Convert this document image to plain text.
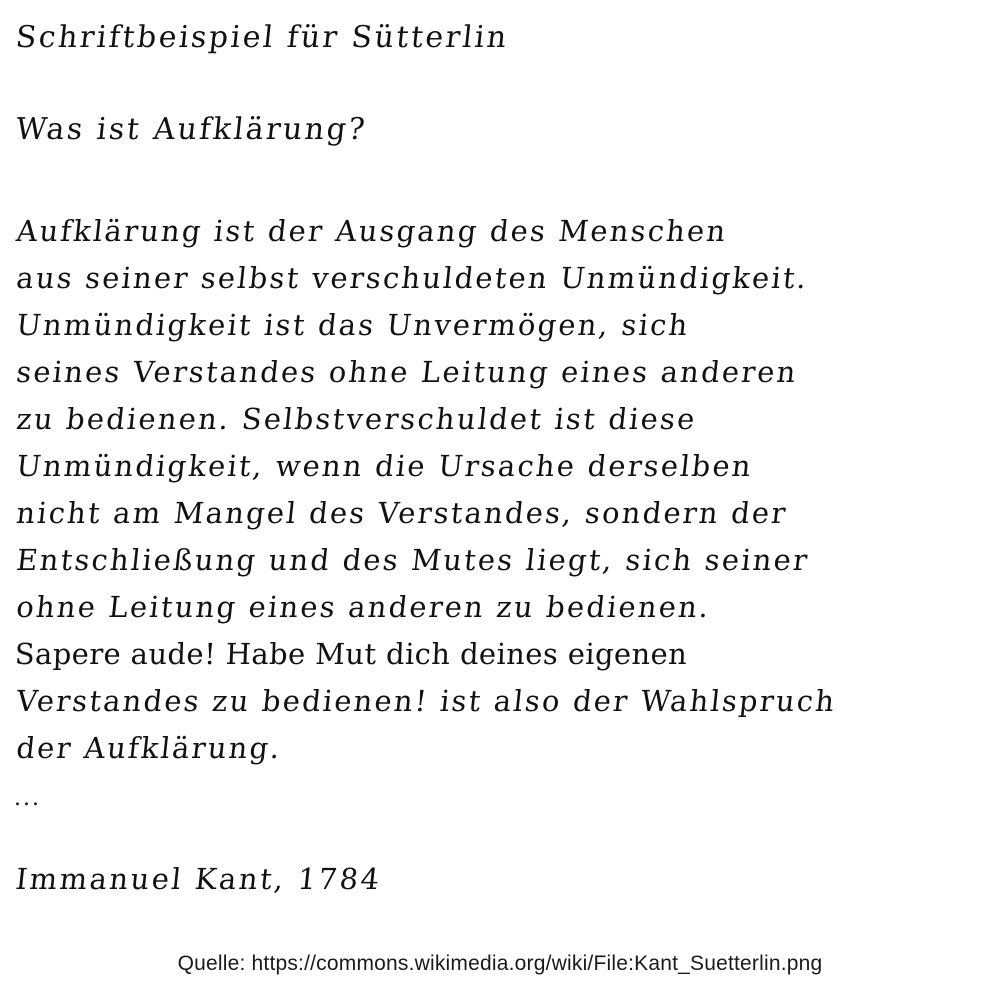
Schriftbeispiel für Sütterlin
Was ist Aufklärung?
Aufklärung ist der Ausgang des Menschen
aus seiner selbst verschuldeten Unmündigkeit.
Unmündigkeit ist das Unvermögen, sich
seines Verstandes ohne Leitung eines anderen
zu bedienen. Selbstverschuldet ist diese
Unmündigkeit, wenn die Ursache derselben
nicht am Mangel des Verstandes, sondern der
Entschließung und des Mutes liegt, sich seiner
ohne Leitung eines anderen zu bedienen.
Sapere aude! Habe Mut dich deines eigenen
Verstandes zu bedienen! ist also der Wahlspruch
der Aufklärung.
...
Immanuel Kant, 1784
Quelle: https://commons.wikimedia.org/wiki/File:Kant_Suetterlin.png
